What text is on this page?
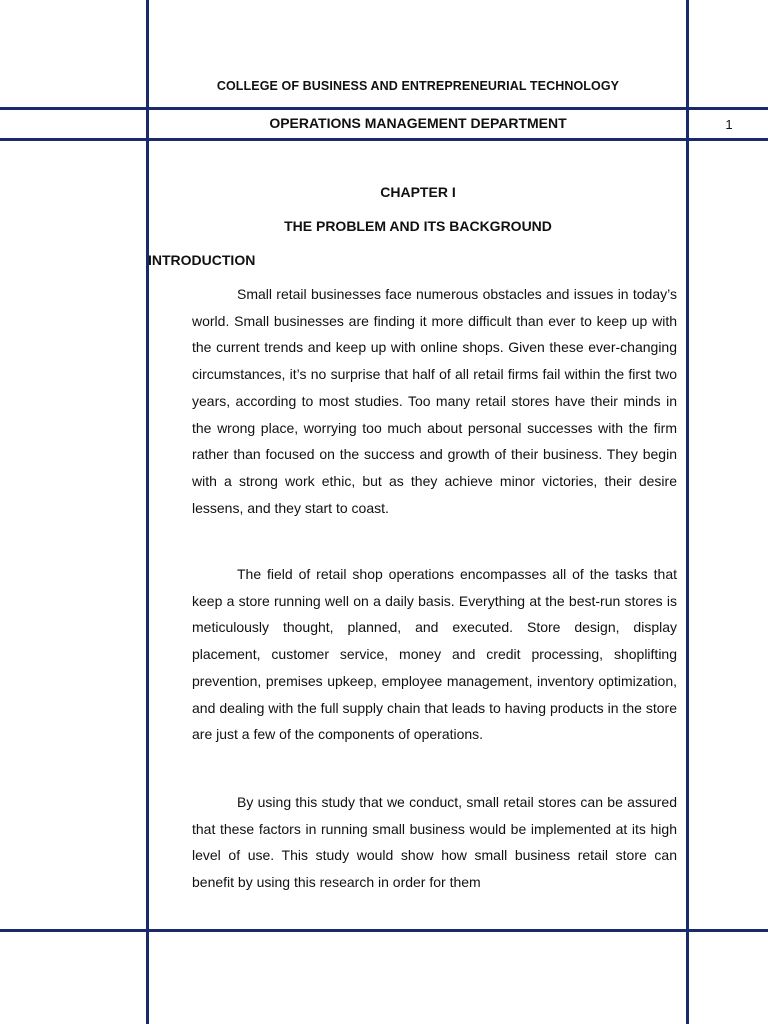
COLLEGE OF BUSINESS AND ENTREPRENEURIAL TECHNOLOGY
OPERATIONS MANAGEMENT DEPARTMENT	1
CHAPTER I
THE PROBLEM AND ITS BACKGROUND
INTRODUCTION

Small retail businesses face numerous obstacles and issues in today’s world. Small businesses are finding it more difficult than ever to keep up with the current trends and keep up with online shops. Given these ever-changing circumstances, it’s no surprise that half of all retail firms fail within the first two years, according to most studies. Too many retail stores have their minds in the wrong place, worrying too much about personal successes with the firm rather than focused on the success and growth of their business. They begin with a strong work ethic, but as they achieve minor victories, their desire lessens, and they start to coast.

The field of retail shop operations encompasses all of the tasks that keep a store running well on a daily basis. Everything at the best-run stores is meticulously thought, planned, and executed. Store design, display placement, customer service, money and credit processing, shoplifting prevention, premises upkeep, employee management, inventory optimization, and dealing with the full supply chain that leads to having products in the store are just a few of the components of operations.

By using this study that we conduct, small retail stores can be assured that these factors in running small business would be implemented at its high level of use. This study would show how small business retail store can benefit by using this research in order for them
